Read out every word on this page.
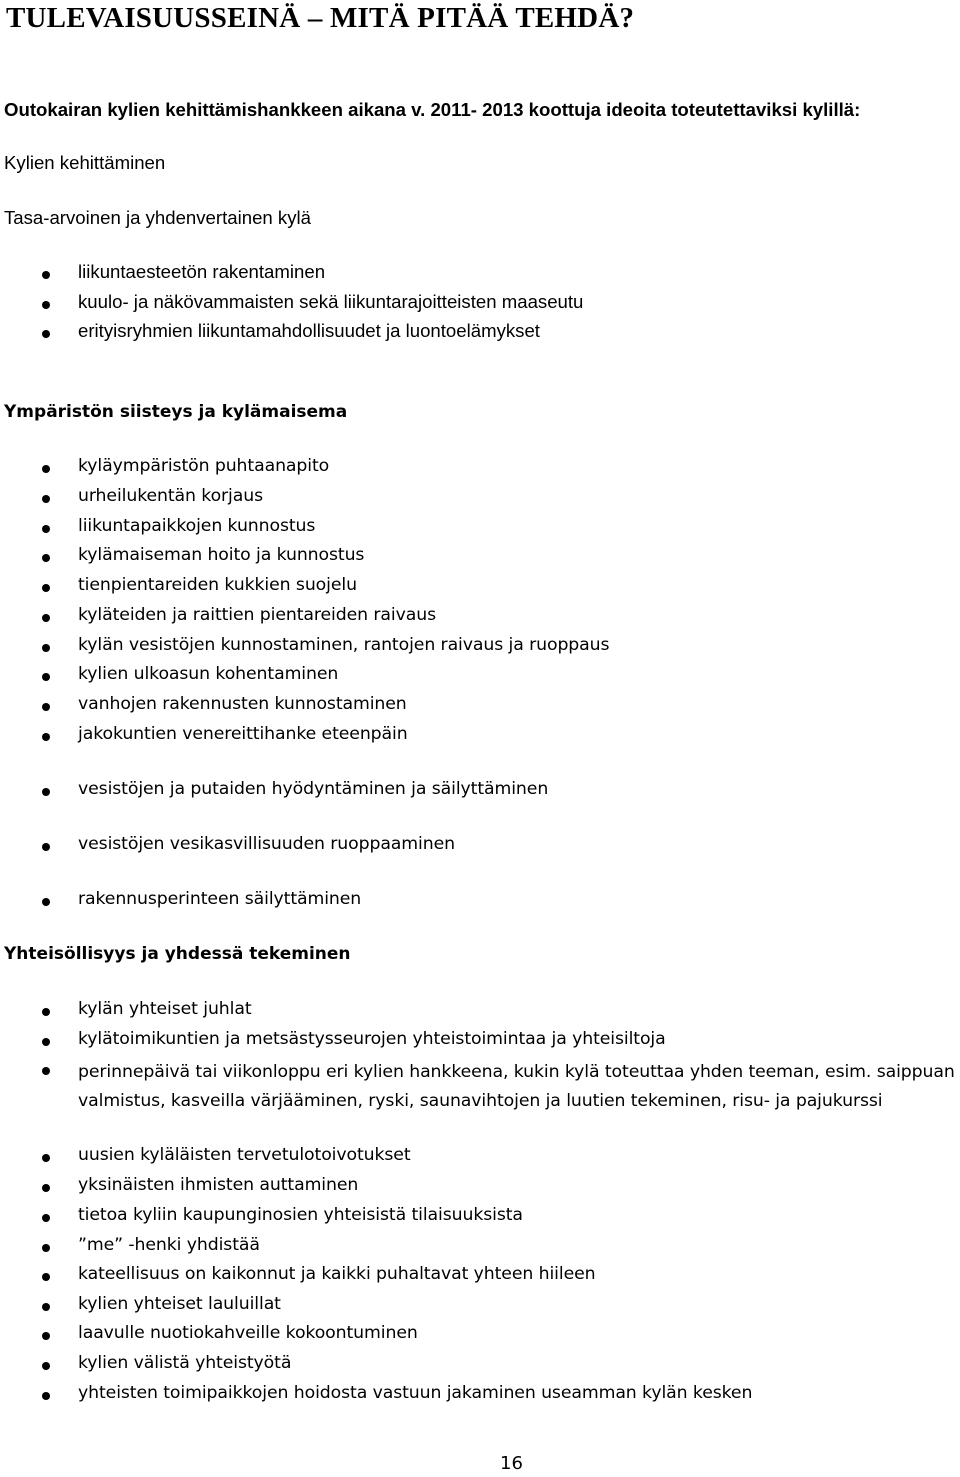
TULEVAISUUSSEINÄ – MITÄ PITÄÄ TEHDÄ?
Outokairan kylien kehittämishankkeen aikana v. 2011- 2013 koottuja ideoita toteutettaviksi kylillä:
Kylien kehittäminen
Tasa-arvoinen ja yhdenvertainen kylä
liikuntaesteetön rakentaminen
kuulo- ja näkövammaisten sekä liikuntarajoitteisten maaseutu
erityisryhmien liikuntamahdollisuudet ja luontoelämykset
Ympäristön siisteys ja kylämaisema
kyläympäristön puhtaanapito
urheilukentän korjaus
liikuntapaikkojen kunnostus
kylämaiseman hoito ja kunnostus
tienpientareiden kukkien suojelu
kyläteiden ja raittien pientareiden raivaus
kylän vesistöjen kunnostaminen, rantojen raivaus ja ruoppaus
kylien ulkoasun kohentaminen
vanhojen rakennusten kunnostaminen
jakokuntien venereittihanke eteenpäin
vesistöjen ja putaiden hyödyntäminen ja säilyttäminen
vesistöjen vesikasvillisuuden ruoppaaminen
rakennusperinteen säilyttäminen
Yhteisöllisyys ja yhdessä tekeminen
kylän yhteiset juhlat
kylätoimikuntien ja metsästysseurojen yhteistoimintaa ja yhteisiltoja
perinnepäivä tai viikonloppu eri kylien hankkeena, kukin kylä toteuttaa yhden teeman, esim. saippuan valmistus, kasveilla värjääminen, ryski, saunavihtojen ja luutien tekeminen, risu- ja pajukurssi
uusien kyläläisten tervetulotoivotukset
yksinäisten ihmisten auttaminen
tietoa kyliin kaupunginosien yhteisistä tilaisuuksista
”me” -henki yhdistää
kateellisuus on kaikonnut ja kaikki puhaltavat yhteen hiileen
kylien yhteiset lauluillat
laavulle nuotiokahveille kokoontuminen
kylien välistä yhteistyötä
yhteisten toimipaikkojen hoidosta vastuun jakaminen useamman kylän kesken
16
